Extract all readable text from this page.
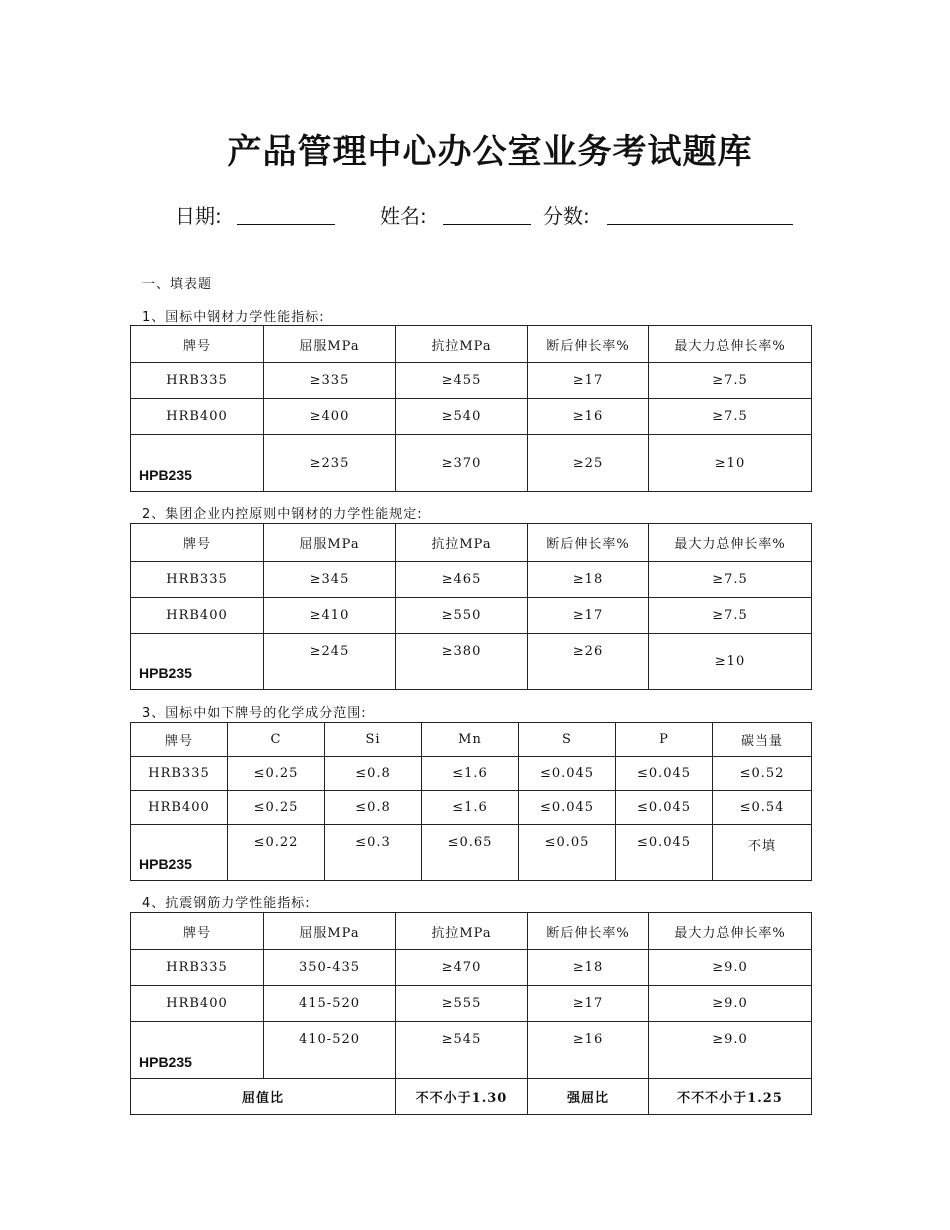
产品管理中心办公室业务考试题库
日期:	姓名:	分数:
一、填表题
1、国标中钢材力学性能指标:
牌号	屈服MPa	抗拉MPa	断后伸长率%	最大力总伸长率%
HRB335	≥335	≥455	≥17	≥7.5
HRB400	≥400	≥540	≥16	≥7.5
HPB235	≥235	≥370	≥25	≥10
2、集团企业内控原则中钢材的力学性能规定:
牌号	屈服MPa	抗拉MPa	断后伸长率%	最大力总伸长率%
HRB335	≥345	≥465	≥18	≥7.5
HRB400	≥410	≥550	≥17	≥7.5
HPB235	≥245	≥380	≥26	≥10
3、国标中如下牌号的化学成分范围:
牌号	C	Si	Mn	S	P	碳当量
HRB335	≤0.25	≤0.8	≤1.6	≤0.045	≤0.045	≤0.52
HRB400	≤0.25	≤0.8	≤1.6	≤0.045	≤0.045	≤0.54
HPB235	≤0.22	≤0.3	≤0.65	≤0.05	≤0.045	不填
4、抗震钢筋力学性能指标:
牌号	屈服MPa	抗拉MPa	断后伸长率%	最大力总伸长率%
HRB335	350-435	≥470	≥18	≥9.0
HRB400	415-520	≥555	≥17	≥9.0
HPB235	410-520	≥545	≥16	≥9.0
屈值比		不不小于1.30	强屈比	不不不小于1.25
